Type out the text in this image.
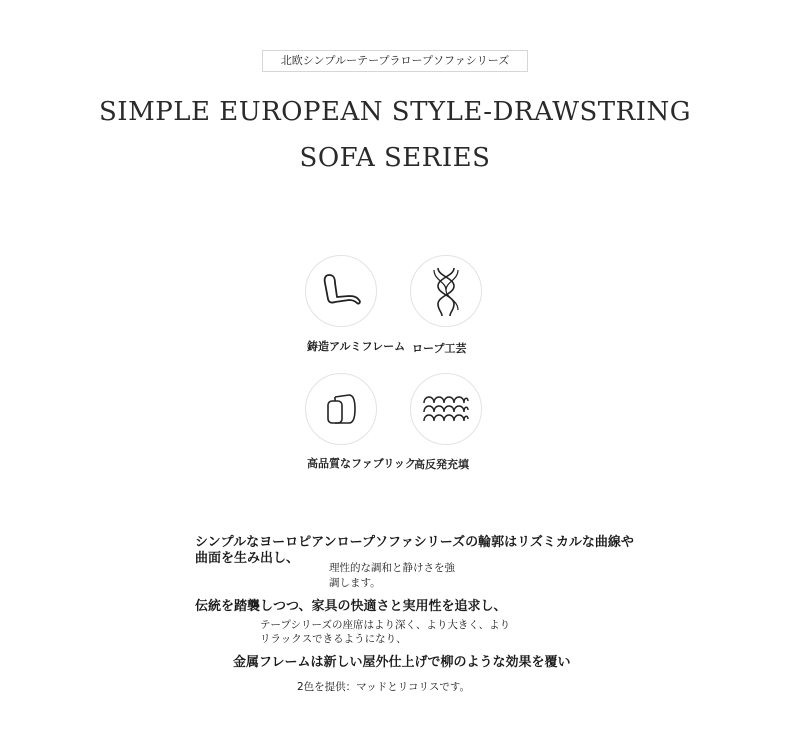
北欧シンプルーテープラロープソファシリーズ
SIMPLE EUROPEAN STYLE-DRAWSTRING
SOFA SERIES
鋳造アルミフレーム ロープ工芸
高品質なファブリック
高反発充填
シンプルなヨーロピアンロープソファシリーズの輪郭はリズミカルな曲線や
曲面を生み出し、
理性的な調和と静けさを強
調します。
伝統を踏襲しつつ、家具の快適さと実用性を追求し、
テープシリーズの座席はより深く、より大きく、より
リラックスできるようになり、
金属フレームは新しい屋外仕上げで柳のような効果を覆い
2色を提供：マッドとリコリスです。
